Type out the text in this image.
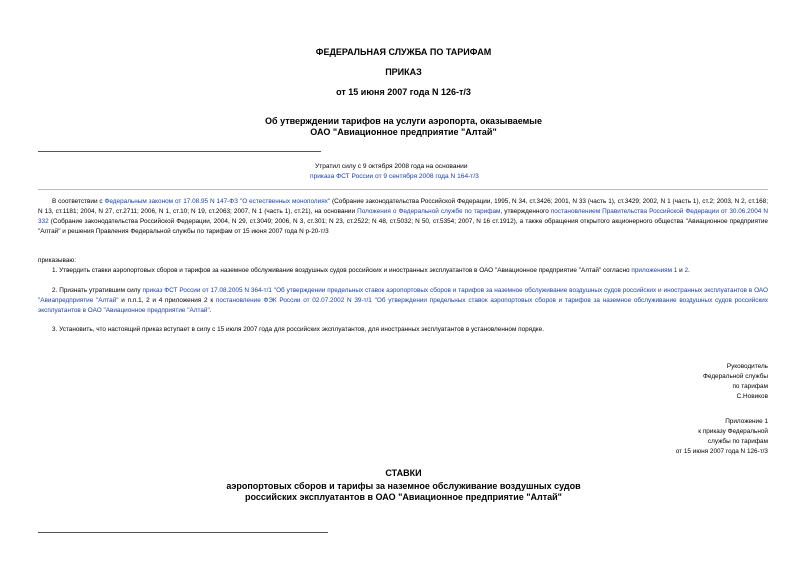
ФЕДЕРАЛЬНАЯ СЛУЖБА ПО ТАРИФАМ
ПРИКАЗ
от 15 июня 2007 года N 126-т/3
Об утверждении тарифов на услуги аэропорта, оказываемые
ОАО "Авиационное предприятие "Алтай"
Утратил силу с 9 октября 2008 года на основании
приказа ФСТ России от 9 сентября 2008 года N 164-т/3
В соответствии с Федеральным законом от 17.08.95 N 147-ФЗ "О естественных монополиях" (Собрание законодательства Российской Федерации, 1995, N 34, ст.3426; 2001, N 33 (часть 1), ст.3429; 2002, N 1 (часть 1), ст.2; 2003, N 2, ст.168; N 13, ст.1181; 2004, N 27, ст.2711; 2006, N 1, ст.10; N 19, ст.2063; 2007, N 1 (часть 1), ст.21), на основании Положения о Федеральной службе по тарифам, утвержденного постановлением Правительства Российской Федерации от 30.06.2004 N 332 (Собрание законодательства Российской Федерации, 2004, N 29, ст.3049; 2006, N 3, ст.301; N 23, ст.2522; N 48, ст.5032; N 50, ст.5354; 2007, N 16 ст.1912), а также обращения открытого акционерного общества "Авиационное предприятие "Алтай" и решения Правления Федеральной службы по тарифам от 15 июня 2007 года N р-20-т/3
приказываю:
1. Утвердить ставки аэропортовых сборов и тарифов за наземное обслуживание воздушных судов российских и иностранных эксплуатантов в ОАО "Авиационное предприятие "Алтай" согласно приложениям 1 и 2.
2. Признать утратившим силу приказ ФСТ России от 17.08.2005 N 364-т/1 "Об утверждении предельных ставок аэропортовых сборов и тарифов за наземное обслуживание воздушных судов российских и иностранных эксплуатантов в ОАО "Авиапредприятие "Алтай" и п.п.1, 2 и 4 приложения 2 к постановление ФЭК России от 02.07.2002 N 39-т/1 "Об утверждении предельных ставок аэропортовых сборов и тарифов за наземное обслуживание воздушных судов российских эксплуатантов в ОАО "Авиационное предприятие "Алтай".
3. Установить, что настоящий приказ вступает в силу с 15 июля 2007 года для российских эксплуатантов, для иностранных эксплуатантов в установленном порядке.
Руководитель
Федеральной службы
по тарифам
С.Новиков
Приложение 1
к приказу Федеральной
службы по тарифам
от 15 июня 2007 года N 126-т/3
СТАВКИ
аэропортовых сборов и тарифы за наземное обслуживание воздушных судов
российских эксплуатантов в ОАО "Авиационное предприятие "Алтай"
